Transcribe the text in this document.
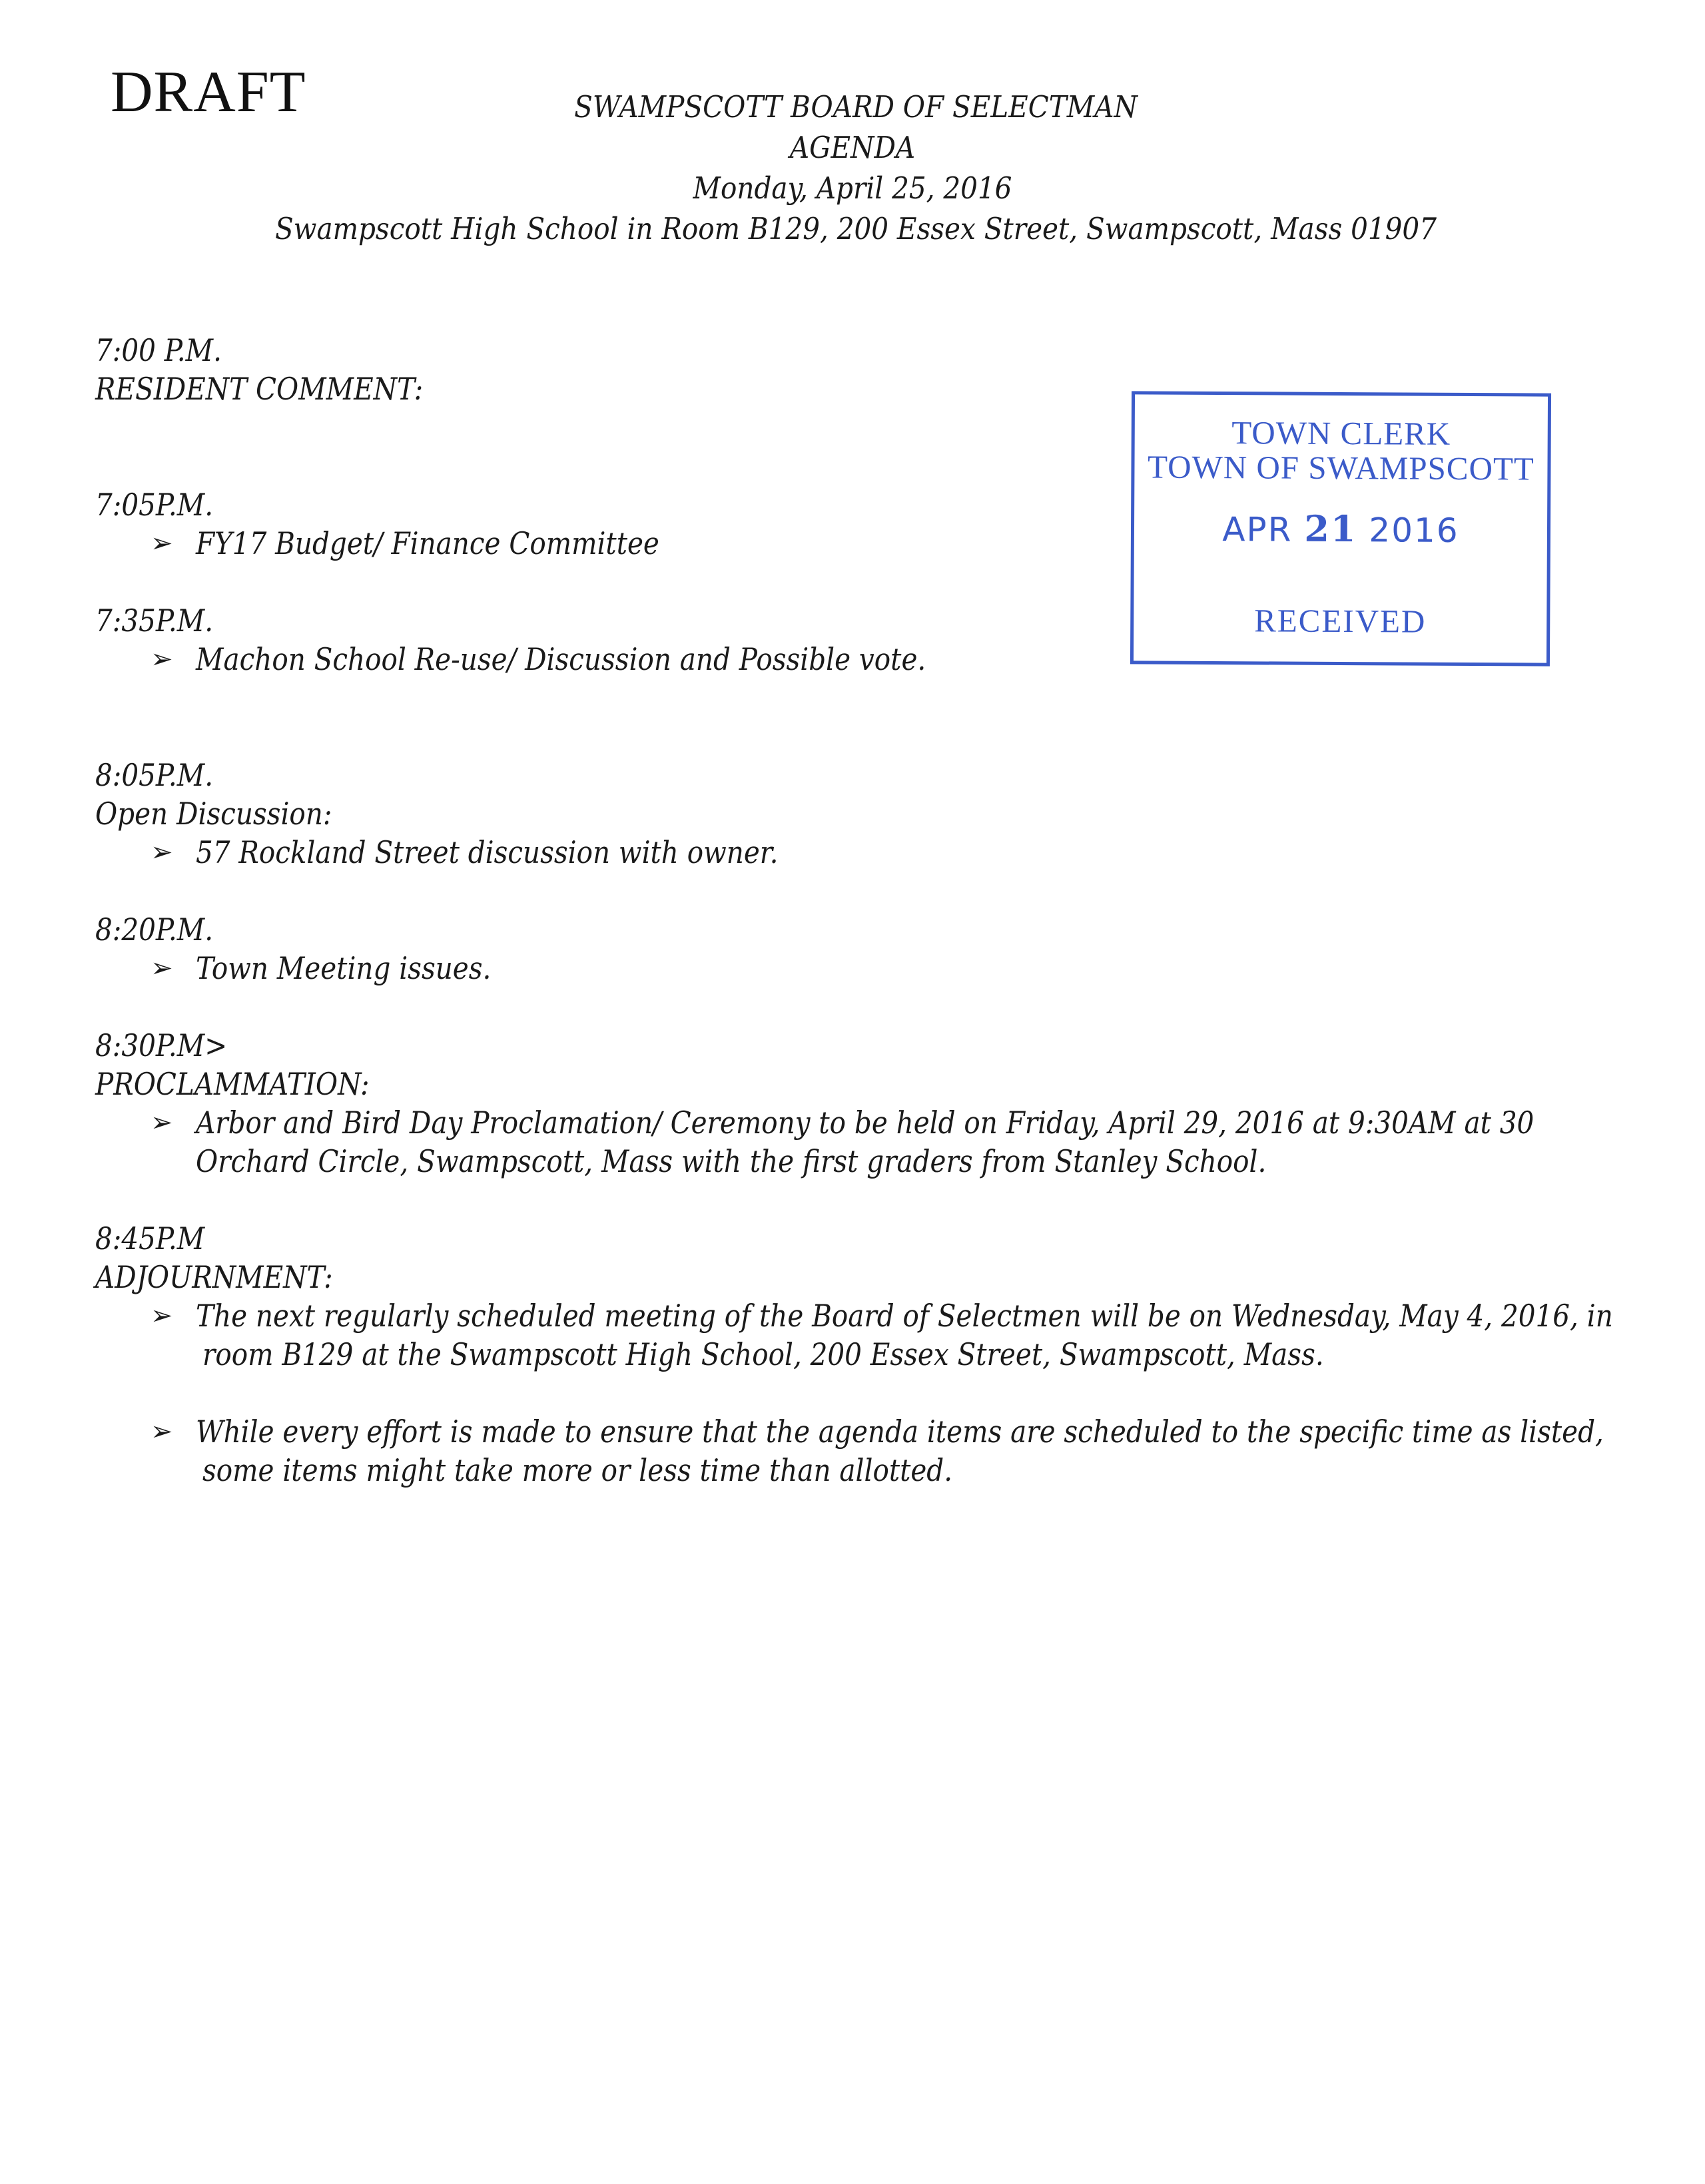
DRAFT	SWAMPSCOTT BOARD OF SELECTMAN
AGENDA
Monday, April 25, 2016
Swampscott High School in Room B129, 200 Essex Street, Swampscott, Mass 01907
TOWN CLERK
TOWN OF SWAMPSCOTT
APR 21 2016
RECEIVED
7:00 P.M.
RESIDENT COMMENT:
7:05P.M.
➢ FY17 Budget/ Finance Committee
7:35P.M.
➢ Machon School Re-use/ Discussion and Possible vote.
8:05P.M.
Open Discussion:
➢ 57 Rockland Street discussion with owner.
8:20P.M.
➢ Town Meeting issues.
8:30P.M>
PROCLAMMATION:
➢ Arbor and Bird Day Proclamation/ Ceremony to be held on Friday, April 29, 2016 at 9:30AM at 30
Orchard Circle, Swampscott, Mass with the first graders from Stanley School.
8:45P.M
ADJOURNMENT:
➢ The next regularly scheduled meeting of the Board of Selectmen will be on Wednesday, May 4, 2016, in
room B129 at the Swampscott High School, 200 Essex Street, Swampscott, Mass.
➢ While every effort is made to ensure that the agenda items are scheduled to the specific time as listed,
some items might take more or less time than allotted.
